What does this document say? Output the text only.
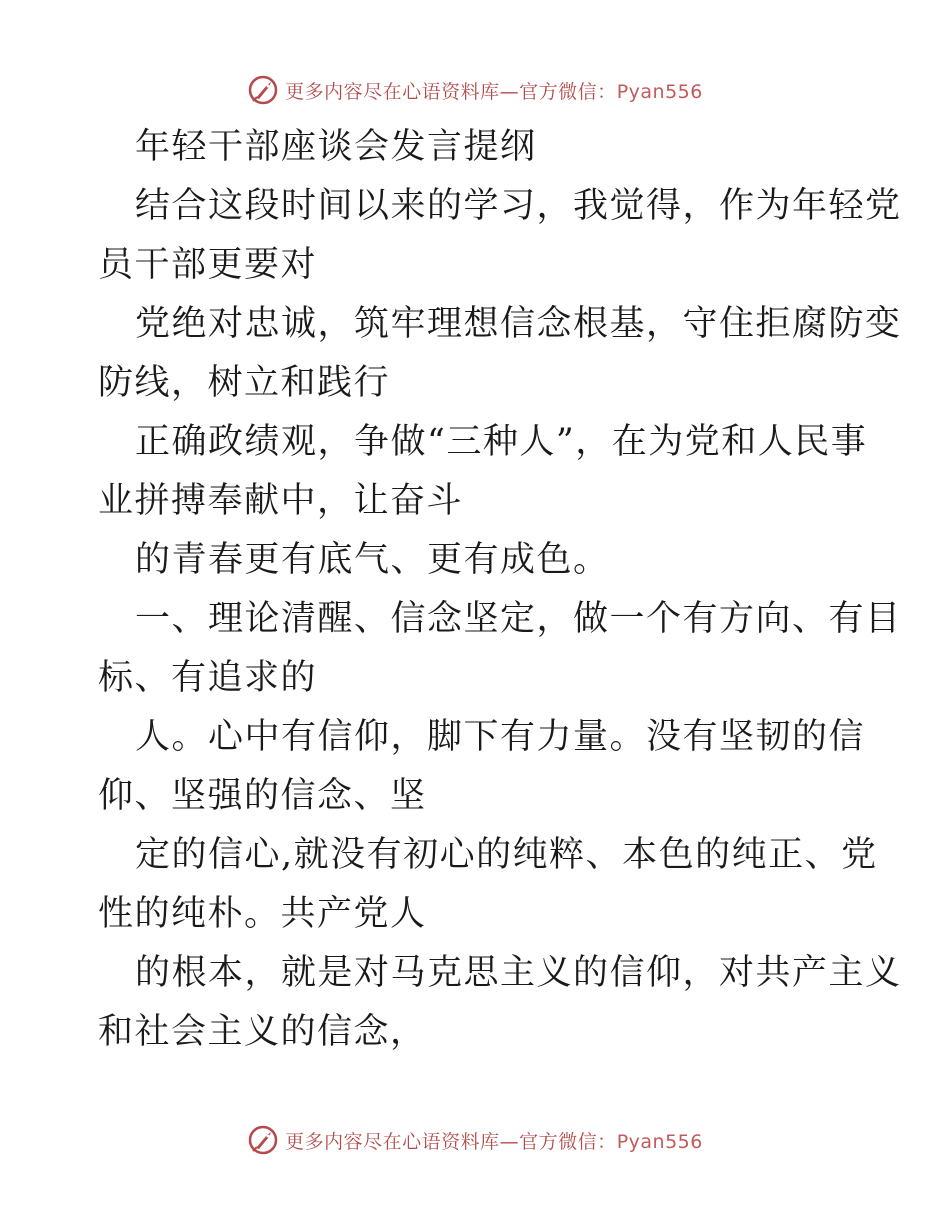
更多内容尽在心语资料库—官方微信：Pyan556
年轻干部座谈会发言提纲
结合这段时间以来的学习，我觉得，作为年轻党
员干部更要对
党绝对忠诚，筑牢理想信念根基，守住拒腐防变
防线，树立和践行
正确政绩观，争做“三种人”，在为党和人民事
业拼搏奉献中，让奋斗
的青春更有底气、更有成色。
一、理论清醒、信念坚定，做一个有方向、有目
标、有追求的
人。心中有信仰，脚下有力量。没有坚韧的信
仰、坚强的信念、坚
定的信心,就没有初心的纯粹、本色的纯正、党
性的纯朴。共产党人
的根本，就是对马克思主义的信仰，对共产主义
和社会主义的信念，
更多内容尽在心语资料库—官方微信：Pyan556
